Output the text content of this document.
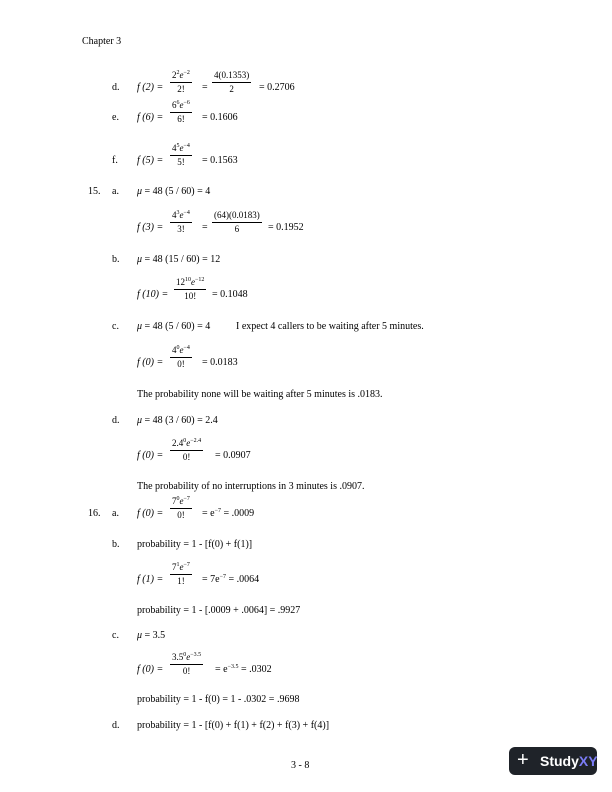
Chapter 3
d. f $(2) = \frac{2^2e^{-2}}{2!} = \frac{4(0.1353)}{2} = 0.2706$
e. f $(6) = \frac{6^6e^{-6}}{6!} = 0.1606$
f. f $(5) = \frac{4^5e^{-4}}{5!} = 0.1563$
15. a. μ = 48 (5 / 60) = 4
f $(3) = \frac{4^3e^{-4}}{3!} = \frac{(64)(0.0183)}{6} = 0.1952$
b. μ = 48 (15 / 60) = 12
f $(10) = \frac{12^{10}e^{-12}}{10!} = 0.1048$
c. μ = 48 (5 / 60) = 4	I expect 4 callers to be waiting after 5 minutes.
f $(0) = \frac{4^0e^{-4}}{0!} = 0.0183$
The probability none will be waiting after 5 minutes is .0183.
d. μ = 48 (3 / 60) = 2.4
f $(0) = \frac{2.4^0e^{-2.4}}{0!} = 0.0907$
The probability of no interruptions in 3 minutes is .0907.
16. a. f $(0) = \frac{7^0e^{-7}}{0!} = e^{-7} = .0009$
b. probability = 1 - [f(0) + f(1)]
f $(1) = \frac{7^1e^{-7}}{1!} = 7e^{-7} = .0064$
probability = 1 - [.0009 + .0064] = .9927
c. μ = 3.5
f $(0) = \frac{3.5^0e^{-3.5}}{0!} = e^{-3.5} = .0302$
probability = 1 - f(0) = 1 - .0302 = .9698
d. probability = 1 - [f(0) + f(1) + f(2) + f(3) + f(4)]
3 - 8	+ StudyXY
